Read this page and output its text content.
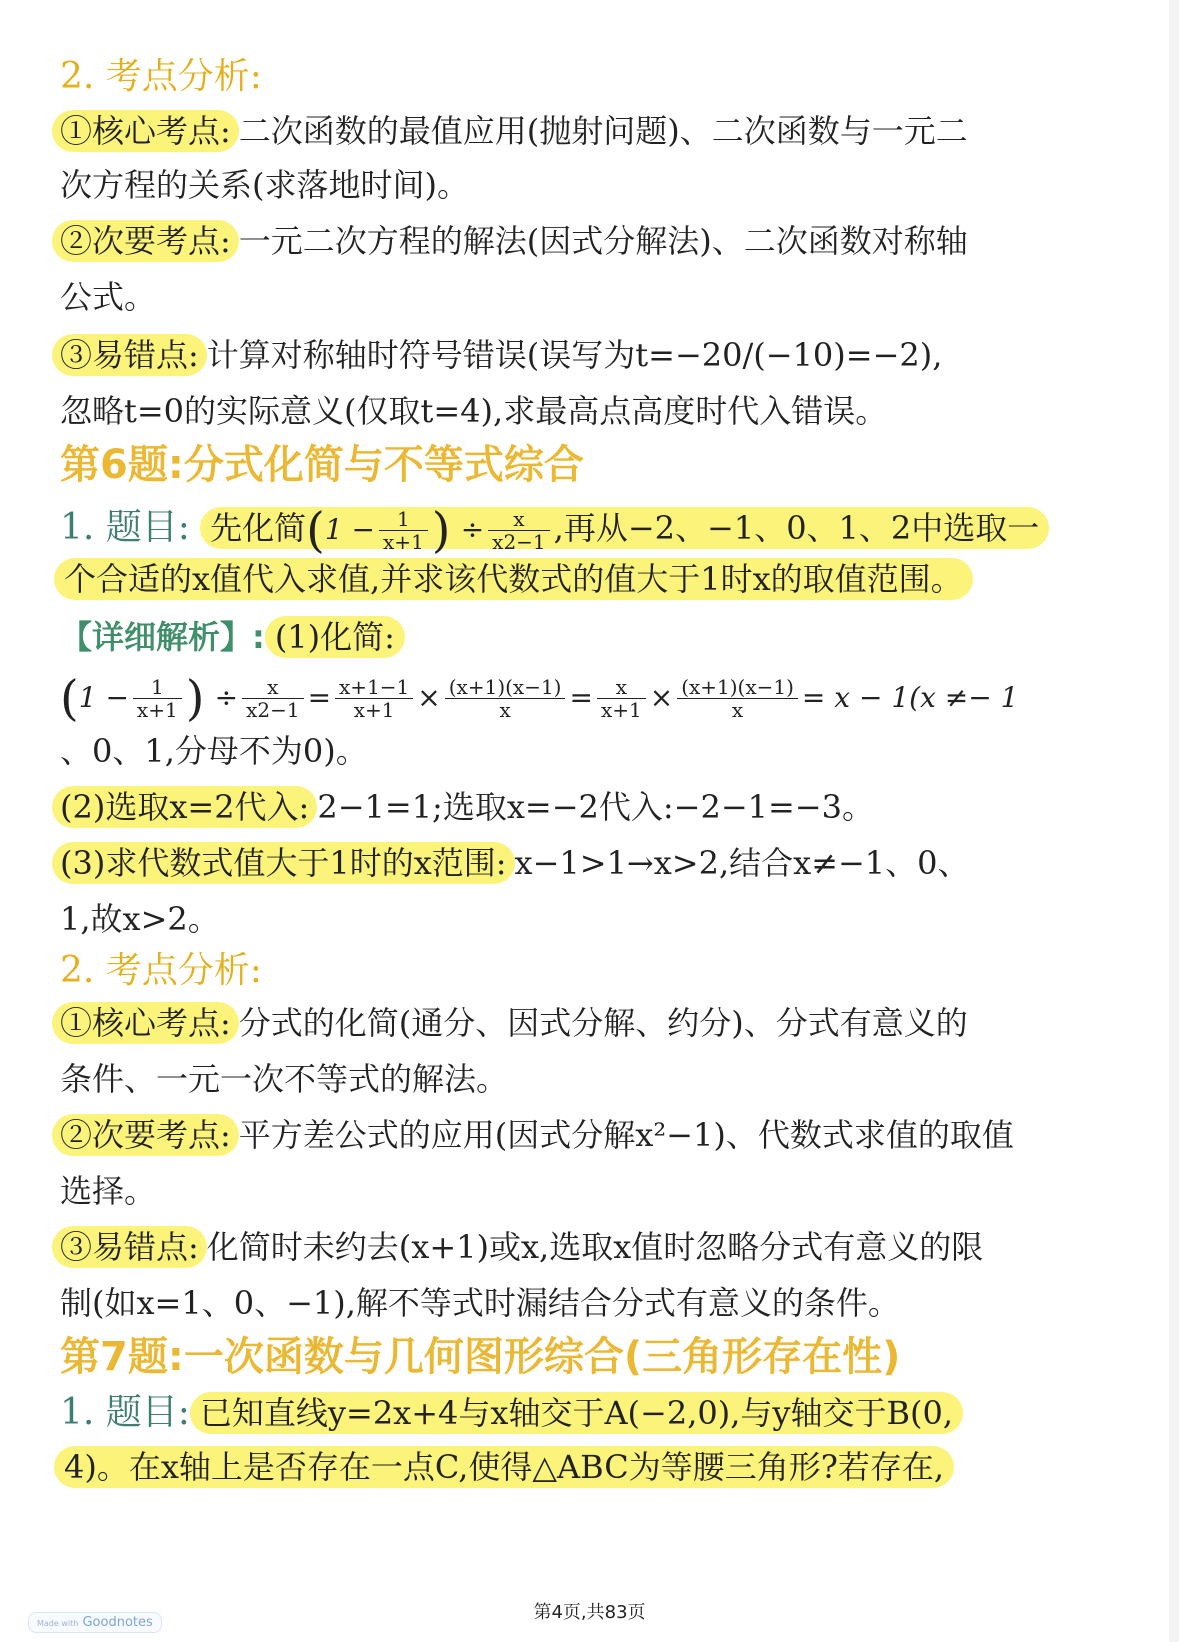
2. 考点分析:
①核心考点: 二次函数的最值应用(抛射问题)、二次函数与一元二
次方程的关系(求落地时间)。
②次要考点: 一元二次方程的解法(因式分解法)、二次函数对称轴
公式。
③易错点: 计算对称轴时符号错误(误写为t=−20/(−10)=−2),
忽略t=0的实际意义(仅取t=4),求最高点高度时代入错误。
第6题:分式化简与不等式综合
1. 题目: 先化简($1 - \frac{1}{x+1}$ ) ÷ $\frac{x}{x2-1}$ ,再从−2、−1、0、1、2中选取一
个合适的x值代入求值,并求该代数式的值大于1时x的取值范围。
【详细解析】: (1)化简:
($1 - \frac{1}{x+1}$ ) ÷ $\frac{x}{x2-1} = \frac{x+1-1}{x+1} \times \frac{(x+1)(x-1)}{x} = \frac{x}{x+1} \times \frac{(x+1)(x-1)}{x} = x - 1(x \ne- 1$
、0、1,分母不为0)。
(2)选取x=2代入: 2−1=1;选取x=−2代入:−2−1=−3。
(3)求代数式值大于1时的x范围: x−1>1→x>2,结合x≠−1、0、
1,故x>2。
2. 考点分析:
①核心考点: 分式的化简(通分、因式分解、约分)、分式有意义的
条件、一元一次不等式的解法。
②次要考点: 平方差公式的应用(因式分解x²−1)、代数式求值的取值
选择。
③易错点: 化简时未约去(x+1)或x,选取x值时忽略分式有意义的限
制(如x=1、0、−1),解不等式时漏结合分式有意义的条件。
第7题:一次函数与几何图形综合(三角形存在性)
1. 题目: 已知直线y=2x+4与x轴交于A(−2,0),与y轴交于B(0,
4)。在x轴上是否存在一点C,使得△ABC为等腰三角形?若存在,
第4页,共83页
Made with Goodnotes
